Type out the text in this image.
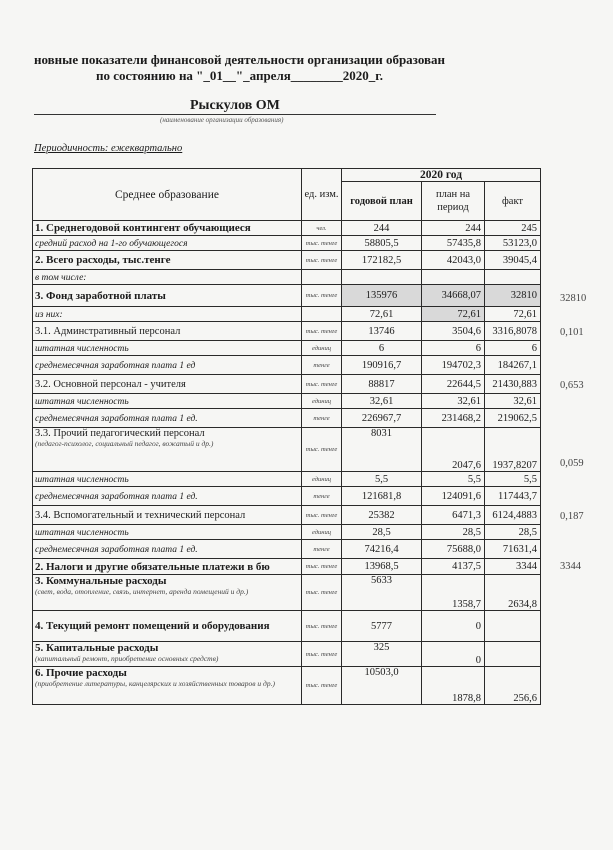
новные показатели финансовой деятельности организации образован
по состоянию на "_01__"_апреля________2020_г.
Рыскулов ОМ
(наименование организации образования)
Периодичность: ежеквартально
Среднее образование	ед. изм.	2020 год		
		годовой план	план на период	факт

1. Среднегодовой контингент обучающиеся	чел.	244	244	245
средний расход на 1-го обучающегося	тыс. тенге	58805,5	57435,8	53123,0
2. Всего расходы, тыс.тенге	тыс. тенге	172182,5	42043,0	39045,4
в том числе:				
3. Фонд заработной платы	тыс. тенге	135976	34668,07	32810
из них:		72,61	72,61	72,61
3.1. Админстративный персонал	тыс. тенге	13746	3504,6	3316,8078
штатная численность	единиц	6	6	6
среднемесячная заработная плата 1 ед	тенге	190916,7	194702,3	184267,1
3.2. Основной персонал - учителя	тыс. тенге	88817	22644,5	21430,883
штатная численность	единиц	32,61	32,61	32,61
среднемесячная заработная плата 1 ед.	тенге	226967,7	231468,2	219062,5
3.3. Прочий педагогический персонал
(педагог-психолог, социальный педагог, вожатый и др.)	тыс. тенге	8031	2047,6	1937,8207
штатная численность	единиц	5,5	5,5	5,5
среднемесячная заработная плата 1 ед.	тенге	121681,8	124091,6	117443,7
3.4. Вспомогательный и технический персонал	тыс. тенге	25382	6471,3	6124,4883
штатная численность	единиц	28,5	28,5	28,5
среднемесячная заработная плата 1 ед.	тенге	74216,4	75688,0	71631,4
2. Налоги и другие обязательные платежи в бю	тыс. тенге	13968,5	4137,5	3344
3. Коммунальные расходы
(свет, вода, отопление, связь, интернет, аренда помещений и др.)	тыс. тенге	5633	1358,7	2634,8
4. Текущий ремонт помещений и оборудования	тыс. тенге	5777	0	
5. Капитальные расходы
(капитальный ремонт, приобретение основных средств)	тыс. тенге	325	0	
6. Прочие расходы
(приобретение литературы, канцелярских и хозяйственных товаров и др.)	тыс. тенге	10503,0	1878,8	256,6
32810
0,101
0,653
0,059
0,187
3344
